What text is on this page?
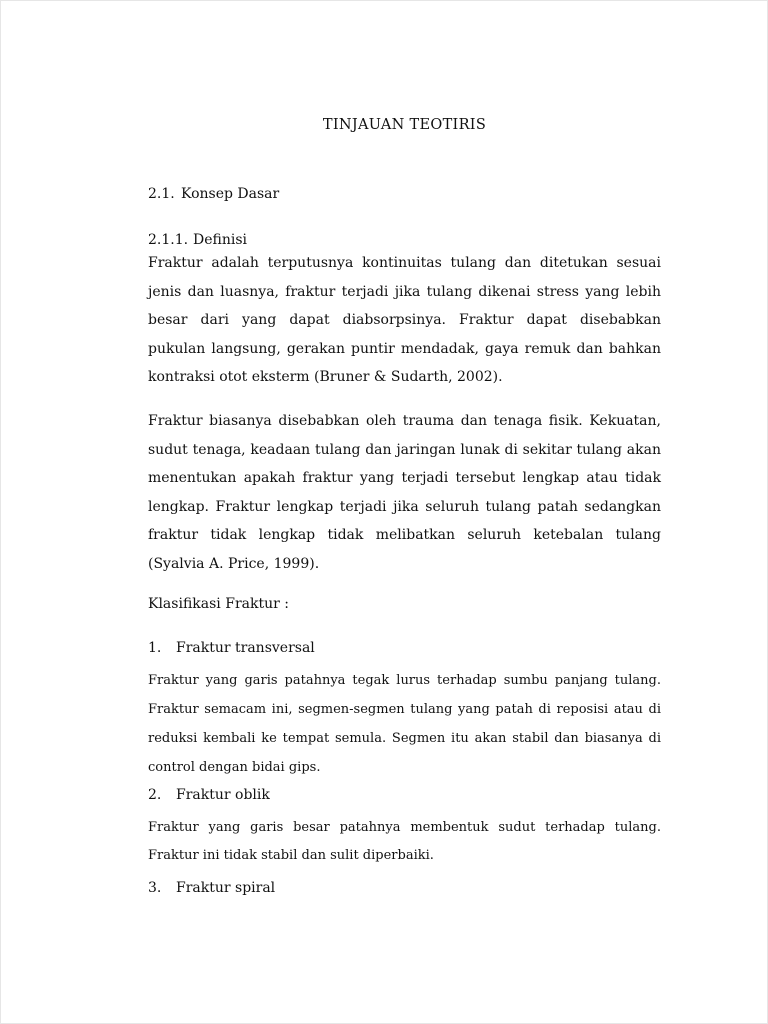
TINJAUAN TEOTIRIS
2.1. Konsep Dasar
2.1.1. Definisi

Fraktur adalah terputusnya kontinuitas tulang dan ditetukan sesuai jenis dan luasnya, fraktur terjadi jika tulang dikenai stress yang lebih besar dari yang dapat diabsorpsinya. Fraktur dapat disebabkan pukulan langsung, gerakan puntir mendadak, gaya remuk dan bahkan kontraksi otot eksterm (Bruner & Sudarth, 2002).

Fraktur biasanya disebabkan oleh trauma dan tenaga fisik. Kekuatan, sudut tenaga, keadaan tulang dan jaringan lunak di sekitar tulang akan menentukan apakah fraktur yang terjadi tersebut lengkap atau tidak lengkap. Fraktur lengkap terjadi jika seluruh tulang patah sedangkan fraktur tidak lengkap tidak melibatkan seluruh ketebalan tulang (Syalvia A. Price, 1999).

Klasifikasi Fraktur :
1. Fraktur transversal

Fraktur yang garis patahnya tegak lurus terhadap sumbu panjang tulang. Fraktur semacam ini, segmen-segmen tulang yang patah di reposisi atau di reduksi kembali ke tempat semula. Segmen itu akan stabil dan biasanya di control dengan bidai gips.

2. Fraktur oblik

Fraktur yang garis besar patahnya membentuk sudut terhadap tulang. Fraktur ini tidak stabil dan sulit diperbaiki.

3. Fraktur spiral
